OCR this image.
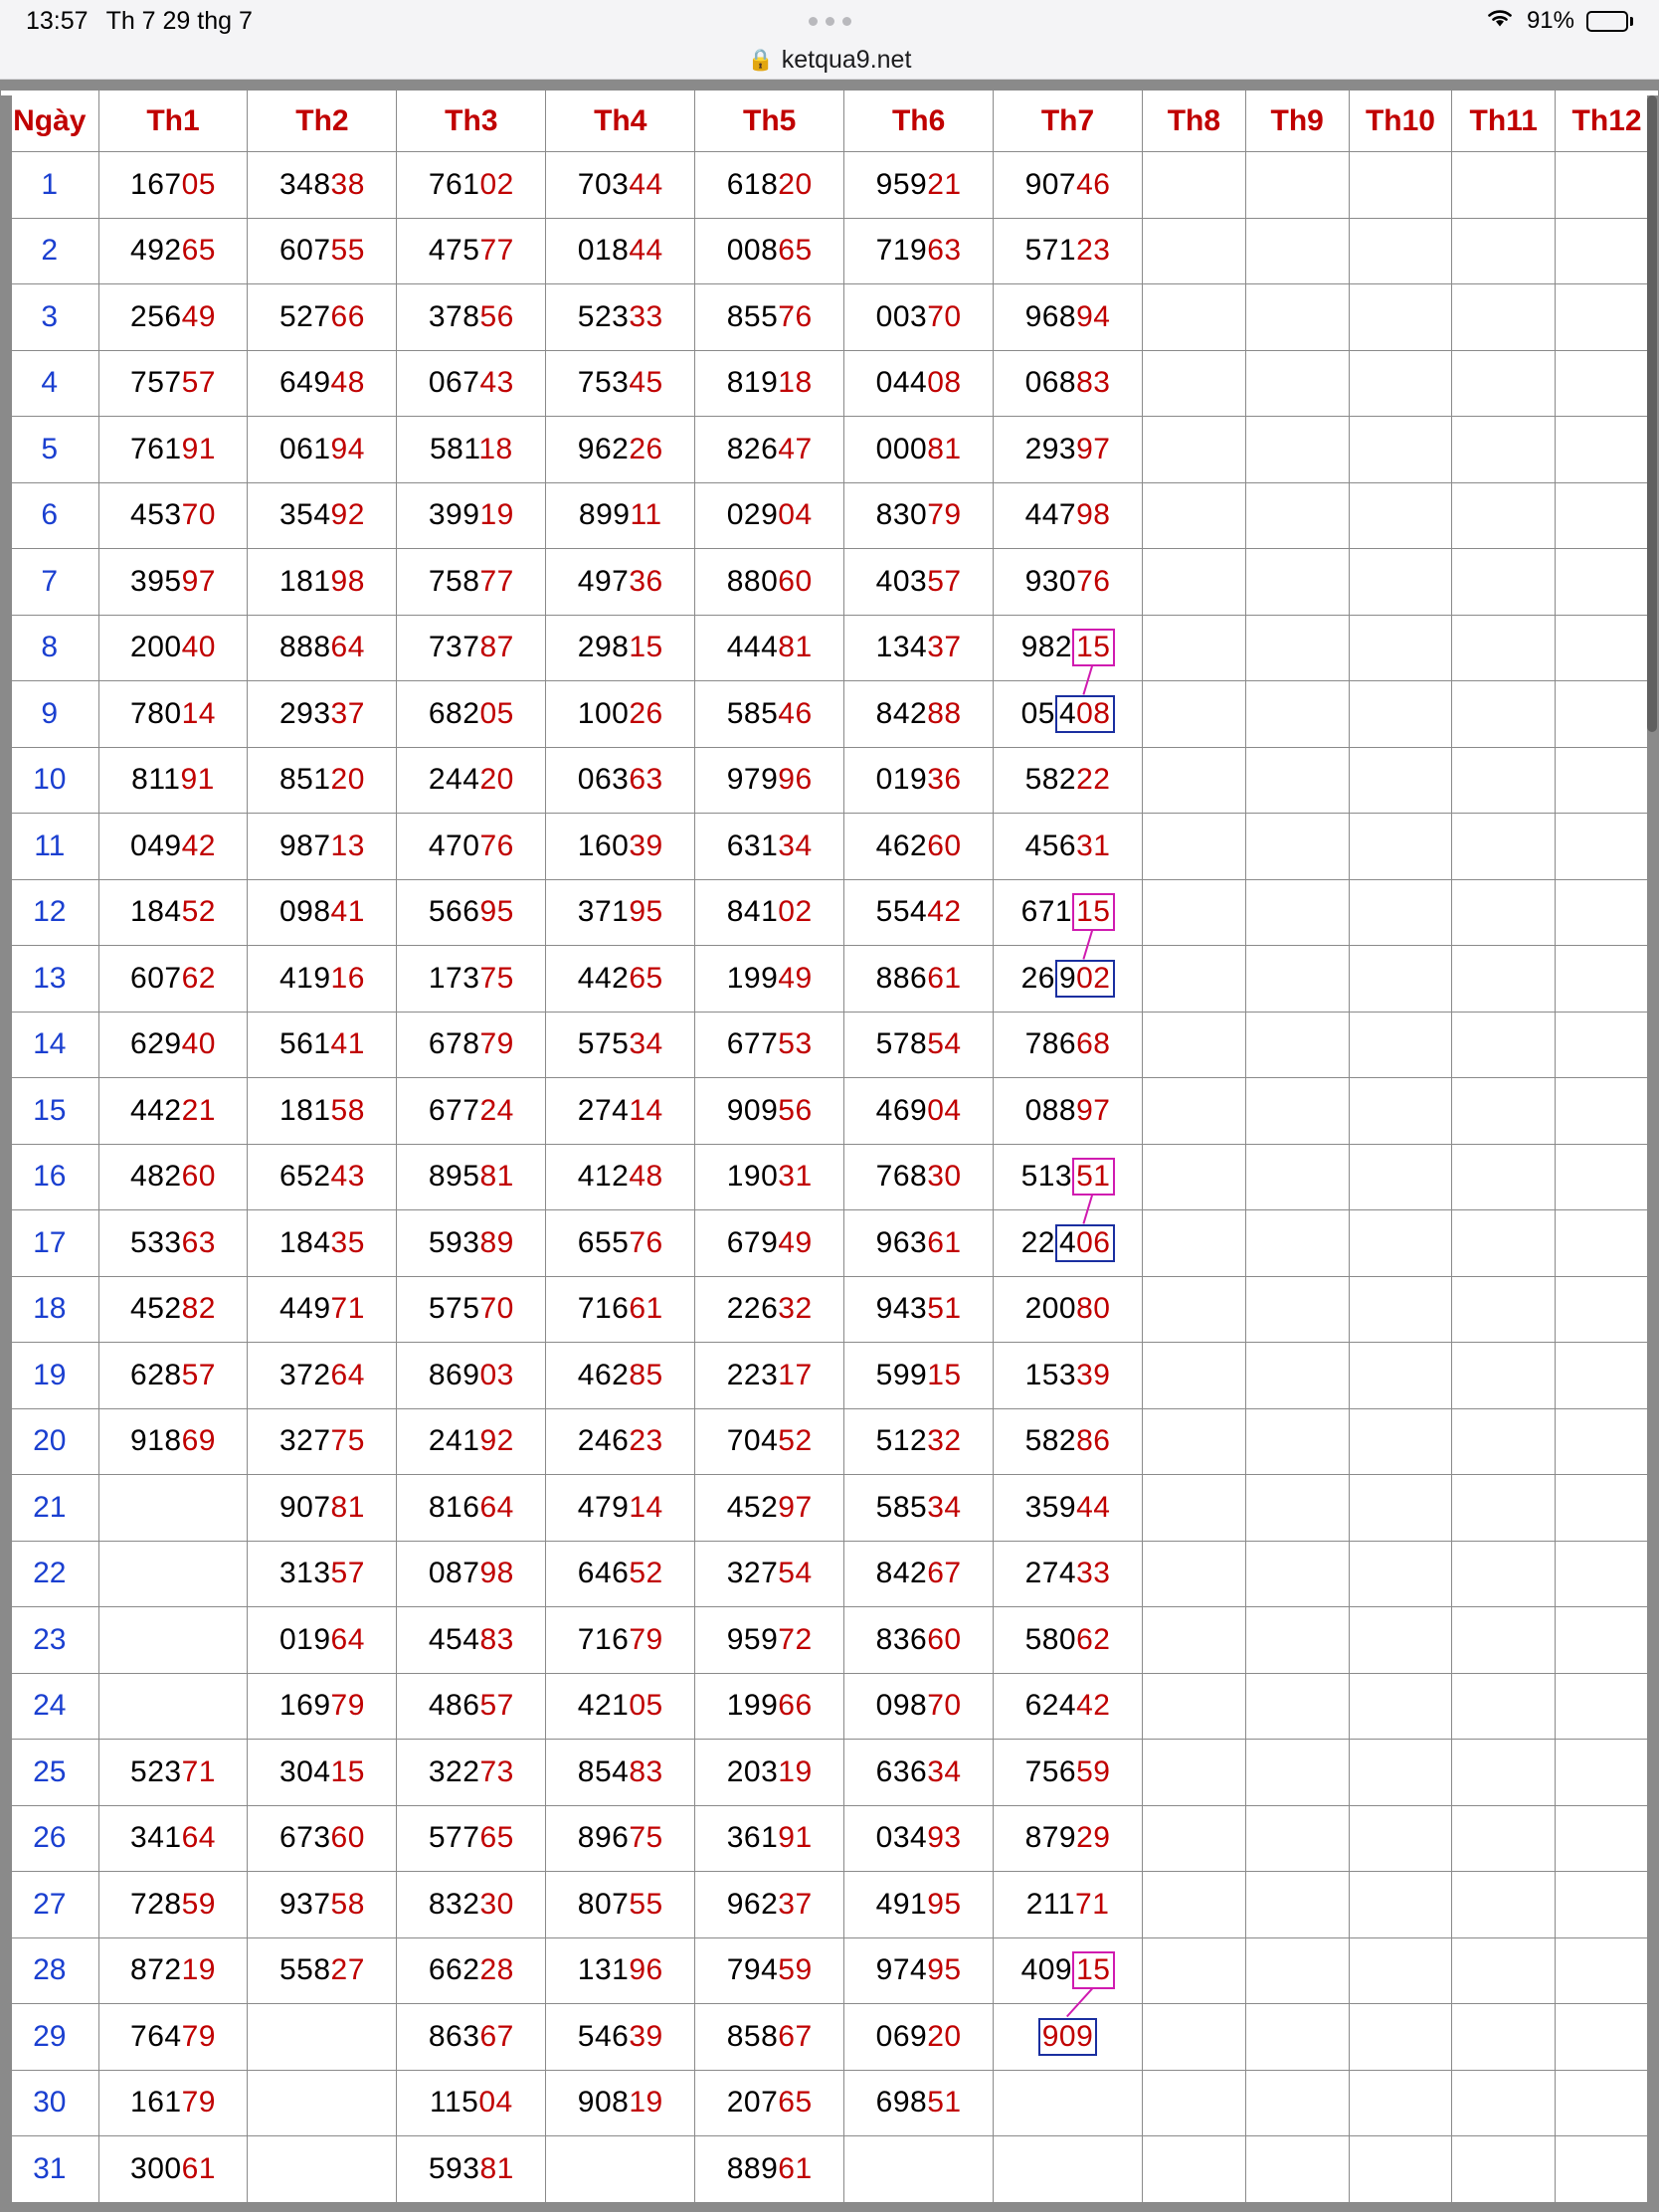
13:57 Th 7 29 thg 7	91%
🔒 ketqua9.net
Ngày	Th1	Th2	Th3	Th4	Th5	Th6	Th7	Th8	Th9	Th10	Th11	Th12
1	16705	34838	76102	70344	61820	95921	90746					
2	49265	60755	47577	01844	00865	71963	57123					
3	25649	52766	37856	52333	85576	00370	96894					
4	75757	64948	06743	75345	81918	04408	06883					
5	76191	06194	58118	96226	82647	00081	29397					
6	45370	35492	39919	89911	02904	83079	44798					
7	39597	18198	75877	49736	88060	40357	93076					
8	20040	88864	73787	29815	44481	13437	982 15					
9	78014	29337	68205	10026	58546	84288	05 408					
10	81191	85120	24420	06363	97996	01936	58222					
11	04942	98713	47076	16039	63134	46260	45631					
12	18452	09841	56695	37195	84102	55442	671 15					
13	60762	41916	17375	44265	19949	88661	26 902					
14	62940	56141	67879	57534	67753	57854	78668					
15	44221	18158	67724	27414	90956	46904	08897					
16	48260	65243	89581	41248	19031	76830	513 51					
17	53363	18435	59389	65576	67949	96361	22 406					
18	45282	44971	57570	71661	22632	94351	20080					
19	62857	37264	86903	46285	22317	59915	15339					
20	91869	32775	24192	24623	70452	51232	58286					
21		90781	81664	47914	45297	58534	35944					
22		31357	08798	64652	32754	84267	27433					
23		01964	45483	71679	95972	83660	58062					
24		16979	48657	42105	19966	09870	62442					
25	52371	30415	32273	85483	20319	63634	75659					
26	34164	67360	57765	89675	36191	03493	87929					
27	72859	93758	83230	80755	96237	49195	21171					
28	87219	55827	66228	13196	79459	97495	409 15					
29	76479		86367	54639	85867	06920	909					
30	16179		11504	90819	20765	69851						
31	30061		59381		88961							
